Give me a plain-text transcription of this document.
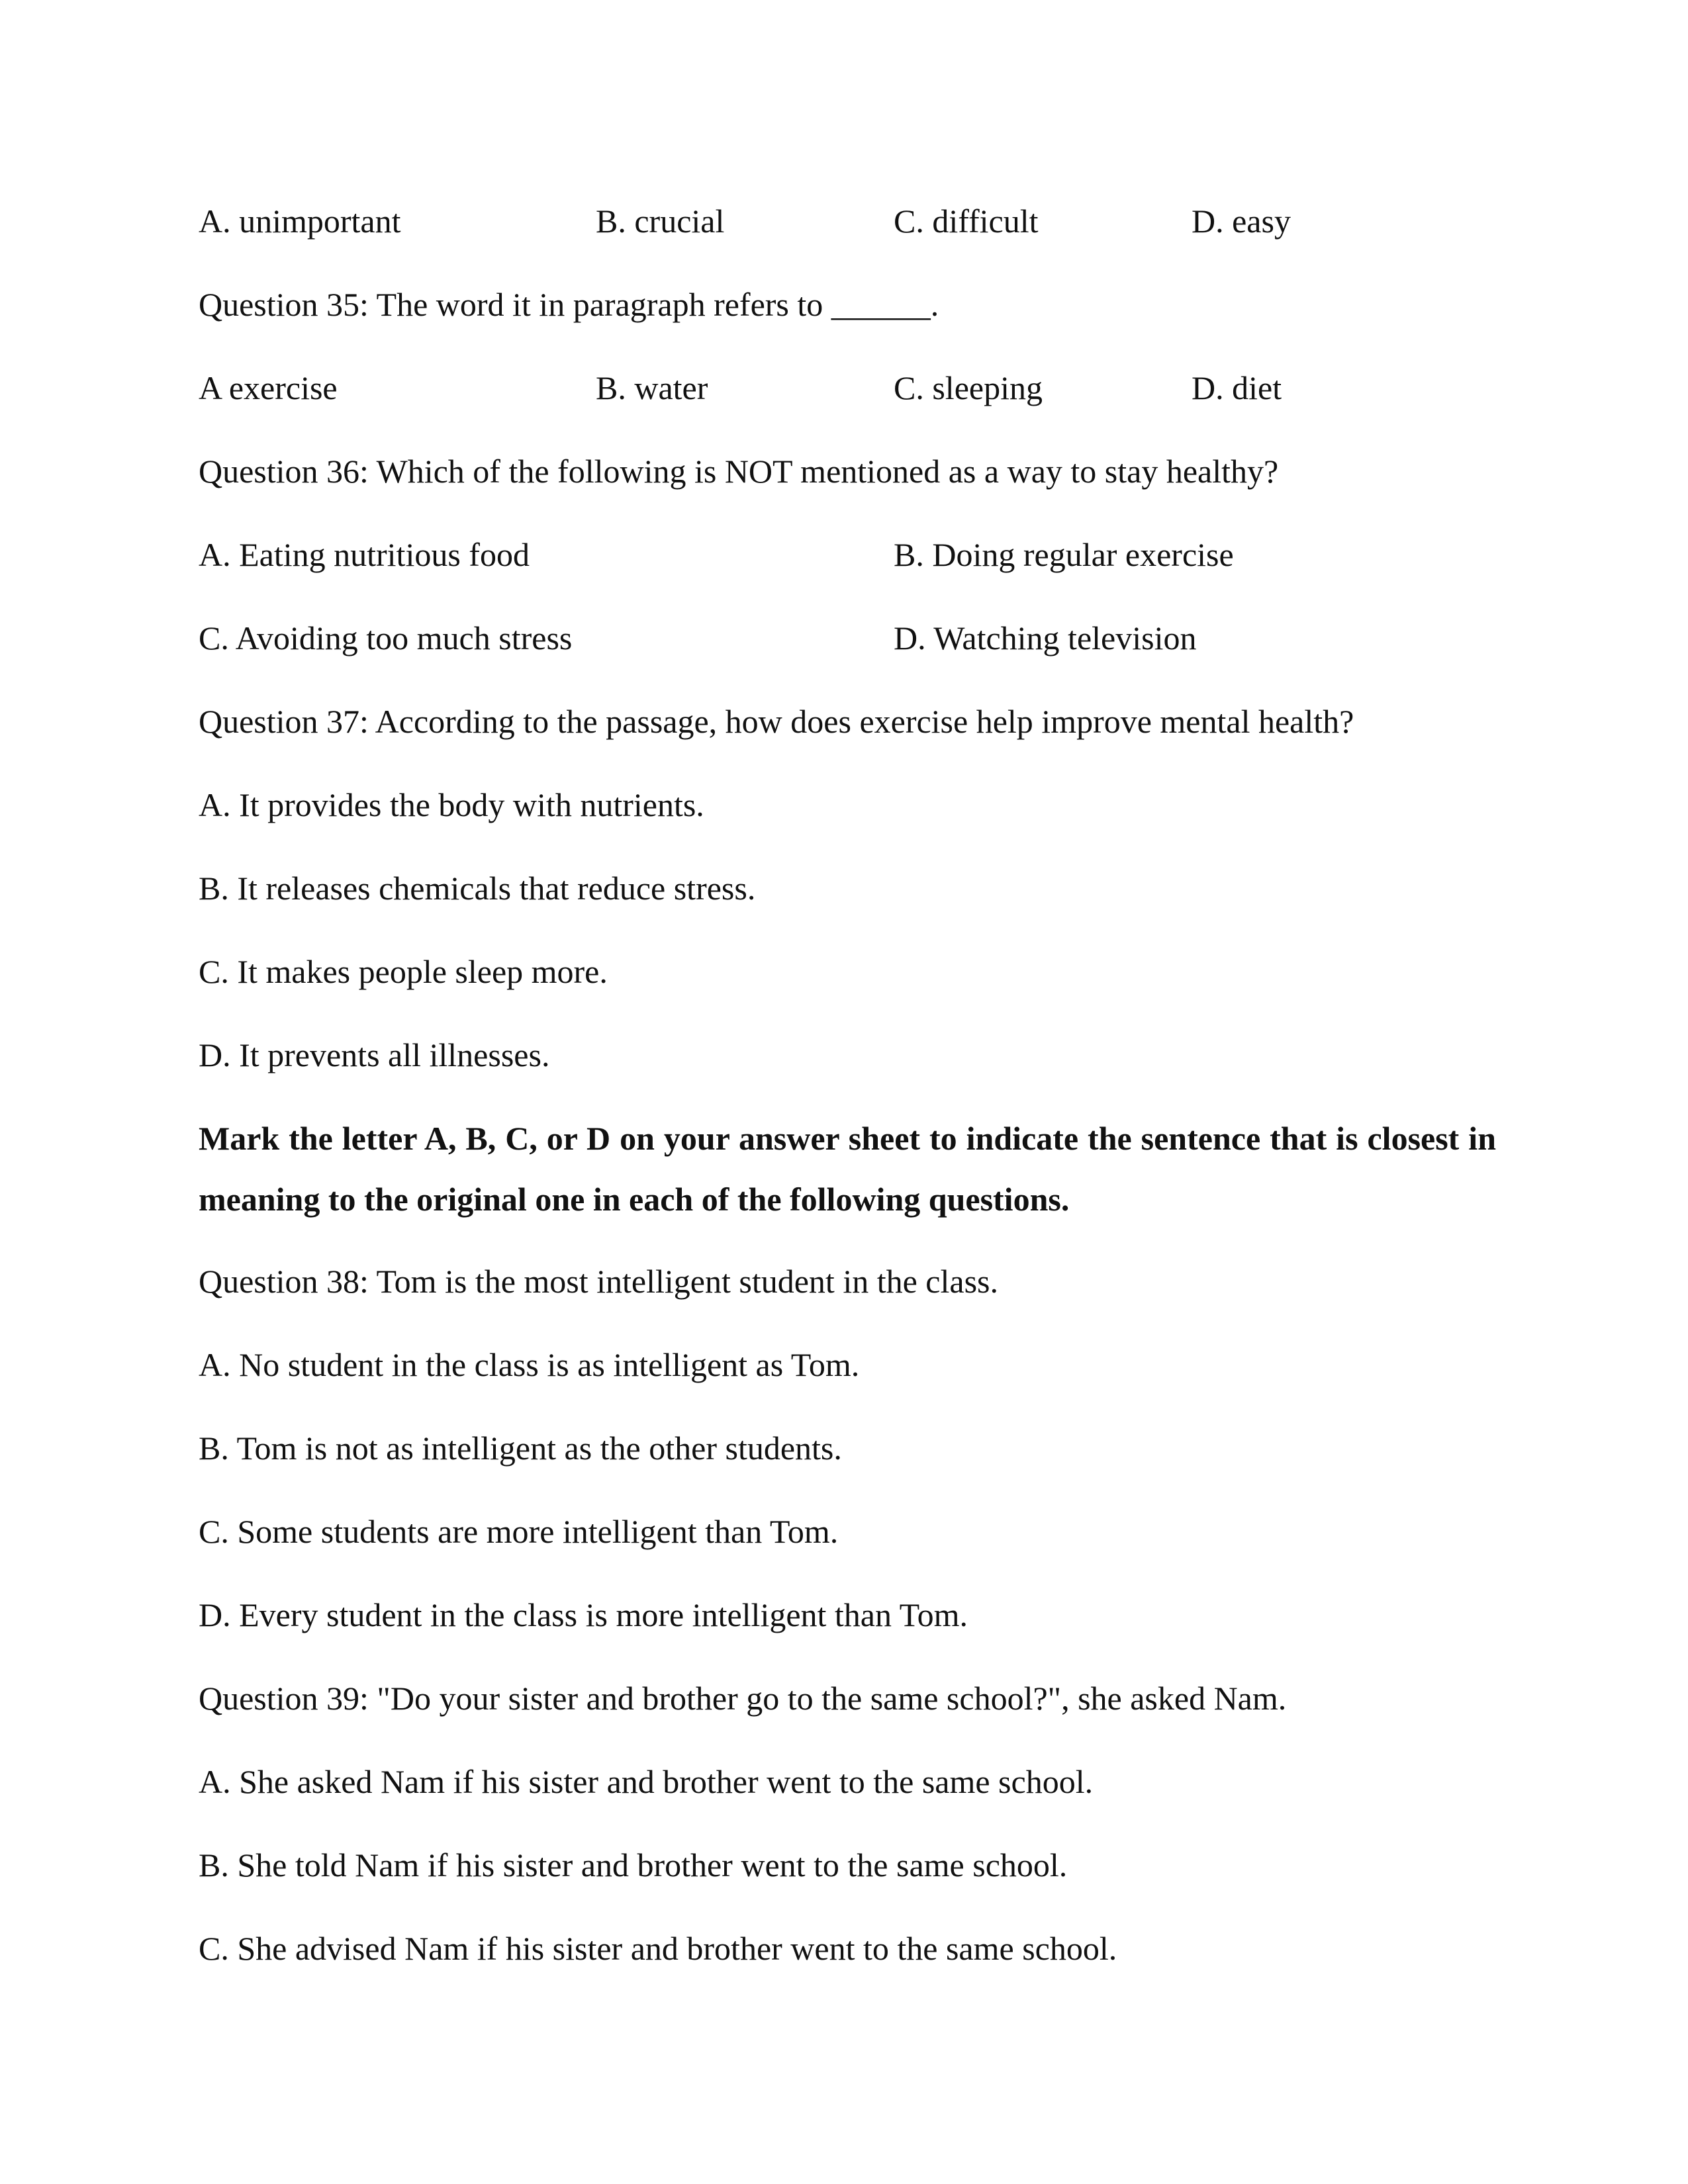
A. unimportant	B. crucial	C. difficult	D. easy
Question 35: The word it in paragraph refers to ______.
A exercise	B. water	C. sleeping	D. diet
Question 36: Which of the following is NOT mentioned as a way to stay healthy?
A. Eating nutritious food	B. Doing regular exercise
C. Avoiding too much stress	D. Watching television
Question 37: According to the passage, how does exercise help improve mental health?
A. It provides the body with nutrients.
B. It releases chemicals that reduce stress.
C. It makes people sleep more.
D. It prevents all illnesses.
Mark the letter A, B, C, or D on your answer sheet to indicate the sentence that is closest in meaning to the original one in each of the following questions.
Question 38: Tom is the most intelligent student in the class.
A. No student in the class is as intelligent as Tom.
B. Tom is not as intelligent as the other students.
C. Some students are more intelligent than Tom.
D. Every student in the class is more intelligent than Tom.
Question 39: "Do your sister and brother go to the same school?", she asked Nam.
A. She asked Nam if his sister and brother went to the same school.
B. She told Nam if his sister and brother went to the same school.
C. She advised Nam if his sister and brother went to the same school.
